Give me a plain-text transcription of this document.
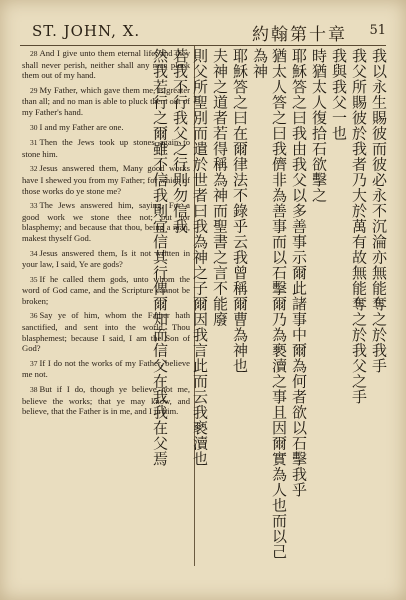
ST. JOHN, X.	約翰第十章 51

28 And I give unto them eternal life; and they shall never perish, neither shall any man pluck them out of my hand.

29 My Father, which gave them me, is greater than all; and no man is able to pluck them out of my Father's hand.

30 I and my Father are one.

31 Then the Jews took up stones again to stone him.

32 Jesus answered them, Many good works have I shewed you from my Father; for which of those works do ye stone me?

33 The Jews answered him, saying, For a good work we stone thee not; but for blasphemy; and because that thou, being a man, makest thyself God.

34 Jesus answered them, Is it not written in your law, I said, Ye are gods?

35 If he called them gods, unto whom the word of God came, and the Scripture cannot be broken;

36 Say ye of him, whom the Father hath sanctified, and sent into the world, Thou blasphemest; because I said, I am the Son of God?

37 If I do not the works of my Father, believe me not.

38 But if I do, though ye believe not me, believe the works; that ye may know, and believe, that the Father is in me, and I in him.

我以永生賜彼而彼必永不沉淪亦無能奪之於我手
我父所賜彼於我者乃大於萬有故無能奪之於我父之手
我與我父一也
時猶太人復拾石欲擊之
耶穌答之曰我由我父以多善事示爾此諸事中爾為何者欲以石擊我乎
猶太人答之曰我儕非為善事而以石擊爾乃為褻瀆之事且因爾實為人也而以己為神
耶穌答之曰在爾律法不錄乎云我曾稱爾曹為神也
夫神之道者若得稱為神而聖書之言不能廢
則父所聖別而遣於世者曰我為神之子爾因我言此而云我褻瀆也
若我不行我父之行則勿信我
然我若行之爾雖不信我則宜信其行俾爾知而信父在我我在父焉
